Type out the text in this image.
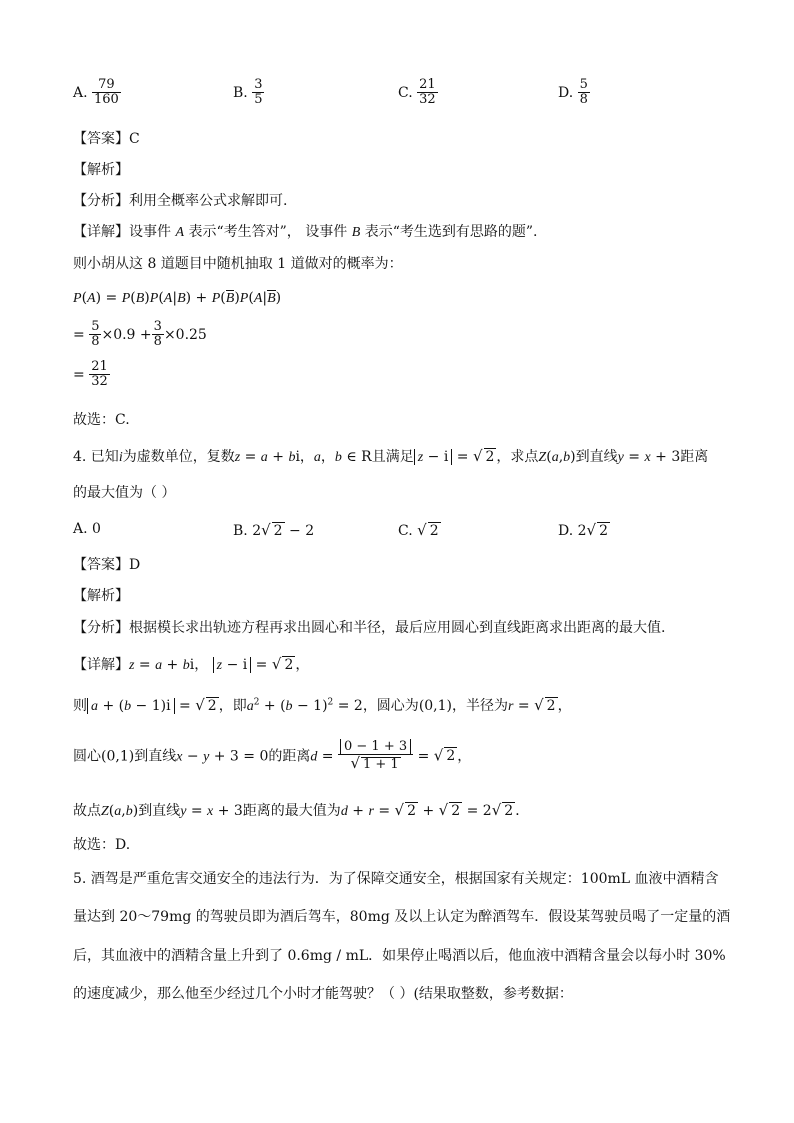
A. $\frac{79}{160}$	B. $\frac{3}{5}$	C. $\frac{21}{32}$	D. $\frac{5}{8}$
【答案】C
【解析】
【分析】利用全概率公式求解即可.
【详解】设事件 A 表示“考生答对”， 设事件 B 表示“考生选到有思路的题”.
则小胡从这 8 道题目中随机抽取 1 道做对的概率为：
P(A) = P(B)P(A|B) + P(B)P(A|B)
= $\frac{5}{8} \times 0.9 + \frac{3}{8} \times 0.25$
= $\frac{21}{32}$
故选：C.
4. 已知i为虚数单位，复数z = a + bi，a，b ∈ R且满足 z − i = √ 2 ，求点Z(a,b)到直线y = x + 3距离
的最大值为（ ）
A. 0	B. 2√ 2 − 2	C. √ 2	D. 2√ 2
【答案】D
【解析】
【分析】根据模长求出轨迹方程再求出圆心和半径，最后应用圆心到直线距离求出距离的最大值.
【详解】z = a + bi， z − i = √ 2 ，
则 a + (b − 1)i = √ 2 ，即$a^2 + (b - 1)^2 = 2$，圆心为(0,1)，半径为r = √ 2 ，
圆心(0,1)到直线x − y + 3 = 0的距离$d = \frac{0 - 1 + 3}{√ 1 + 1}$ = √ 2 ，
故点Z(a,b)到直线y = x + 3距离的最大值为d + r = √ 2 + √ 2 = 2√ 2 ．
故选：D.
5. 酒驾是严重危害交通安全的违法行为．为了保障交通安全，根据国家有关规定：100mL 血液中酒精含
量达到 20～79mg 的驾驶员即为酒后驾车，80mg 及以上认定为醉酒驾车．假设某驾驶员喝了一定量的酒
后，其血液中的酒精含量上升到了 0.6mg / mL．如果停止喝酒以后，他血液中酒精含量会以每小时 30%
的速度减少，那么他至少经过几个小时才能驾驶？（ ）(结果取整数，参考数据：
